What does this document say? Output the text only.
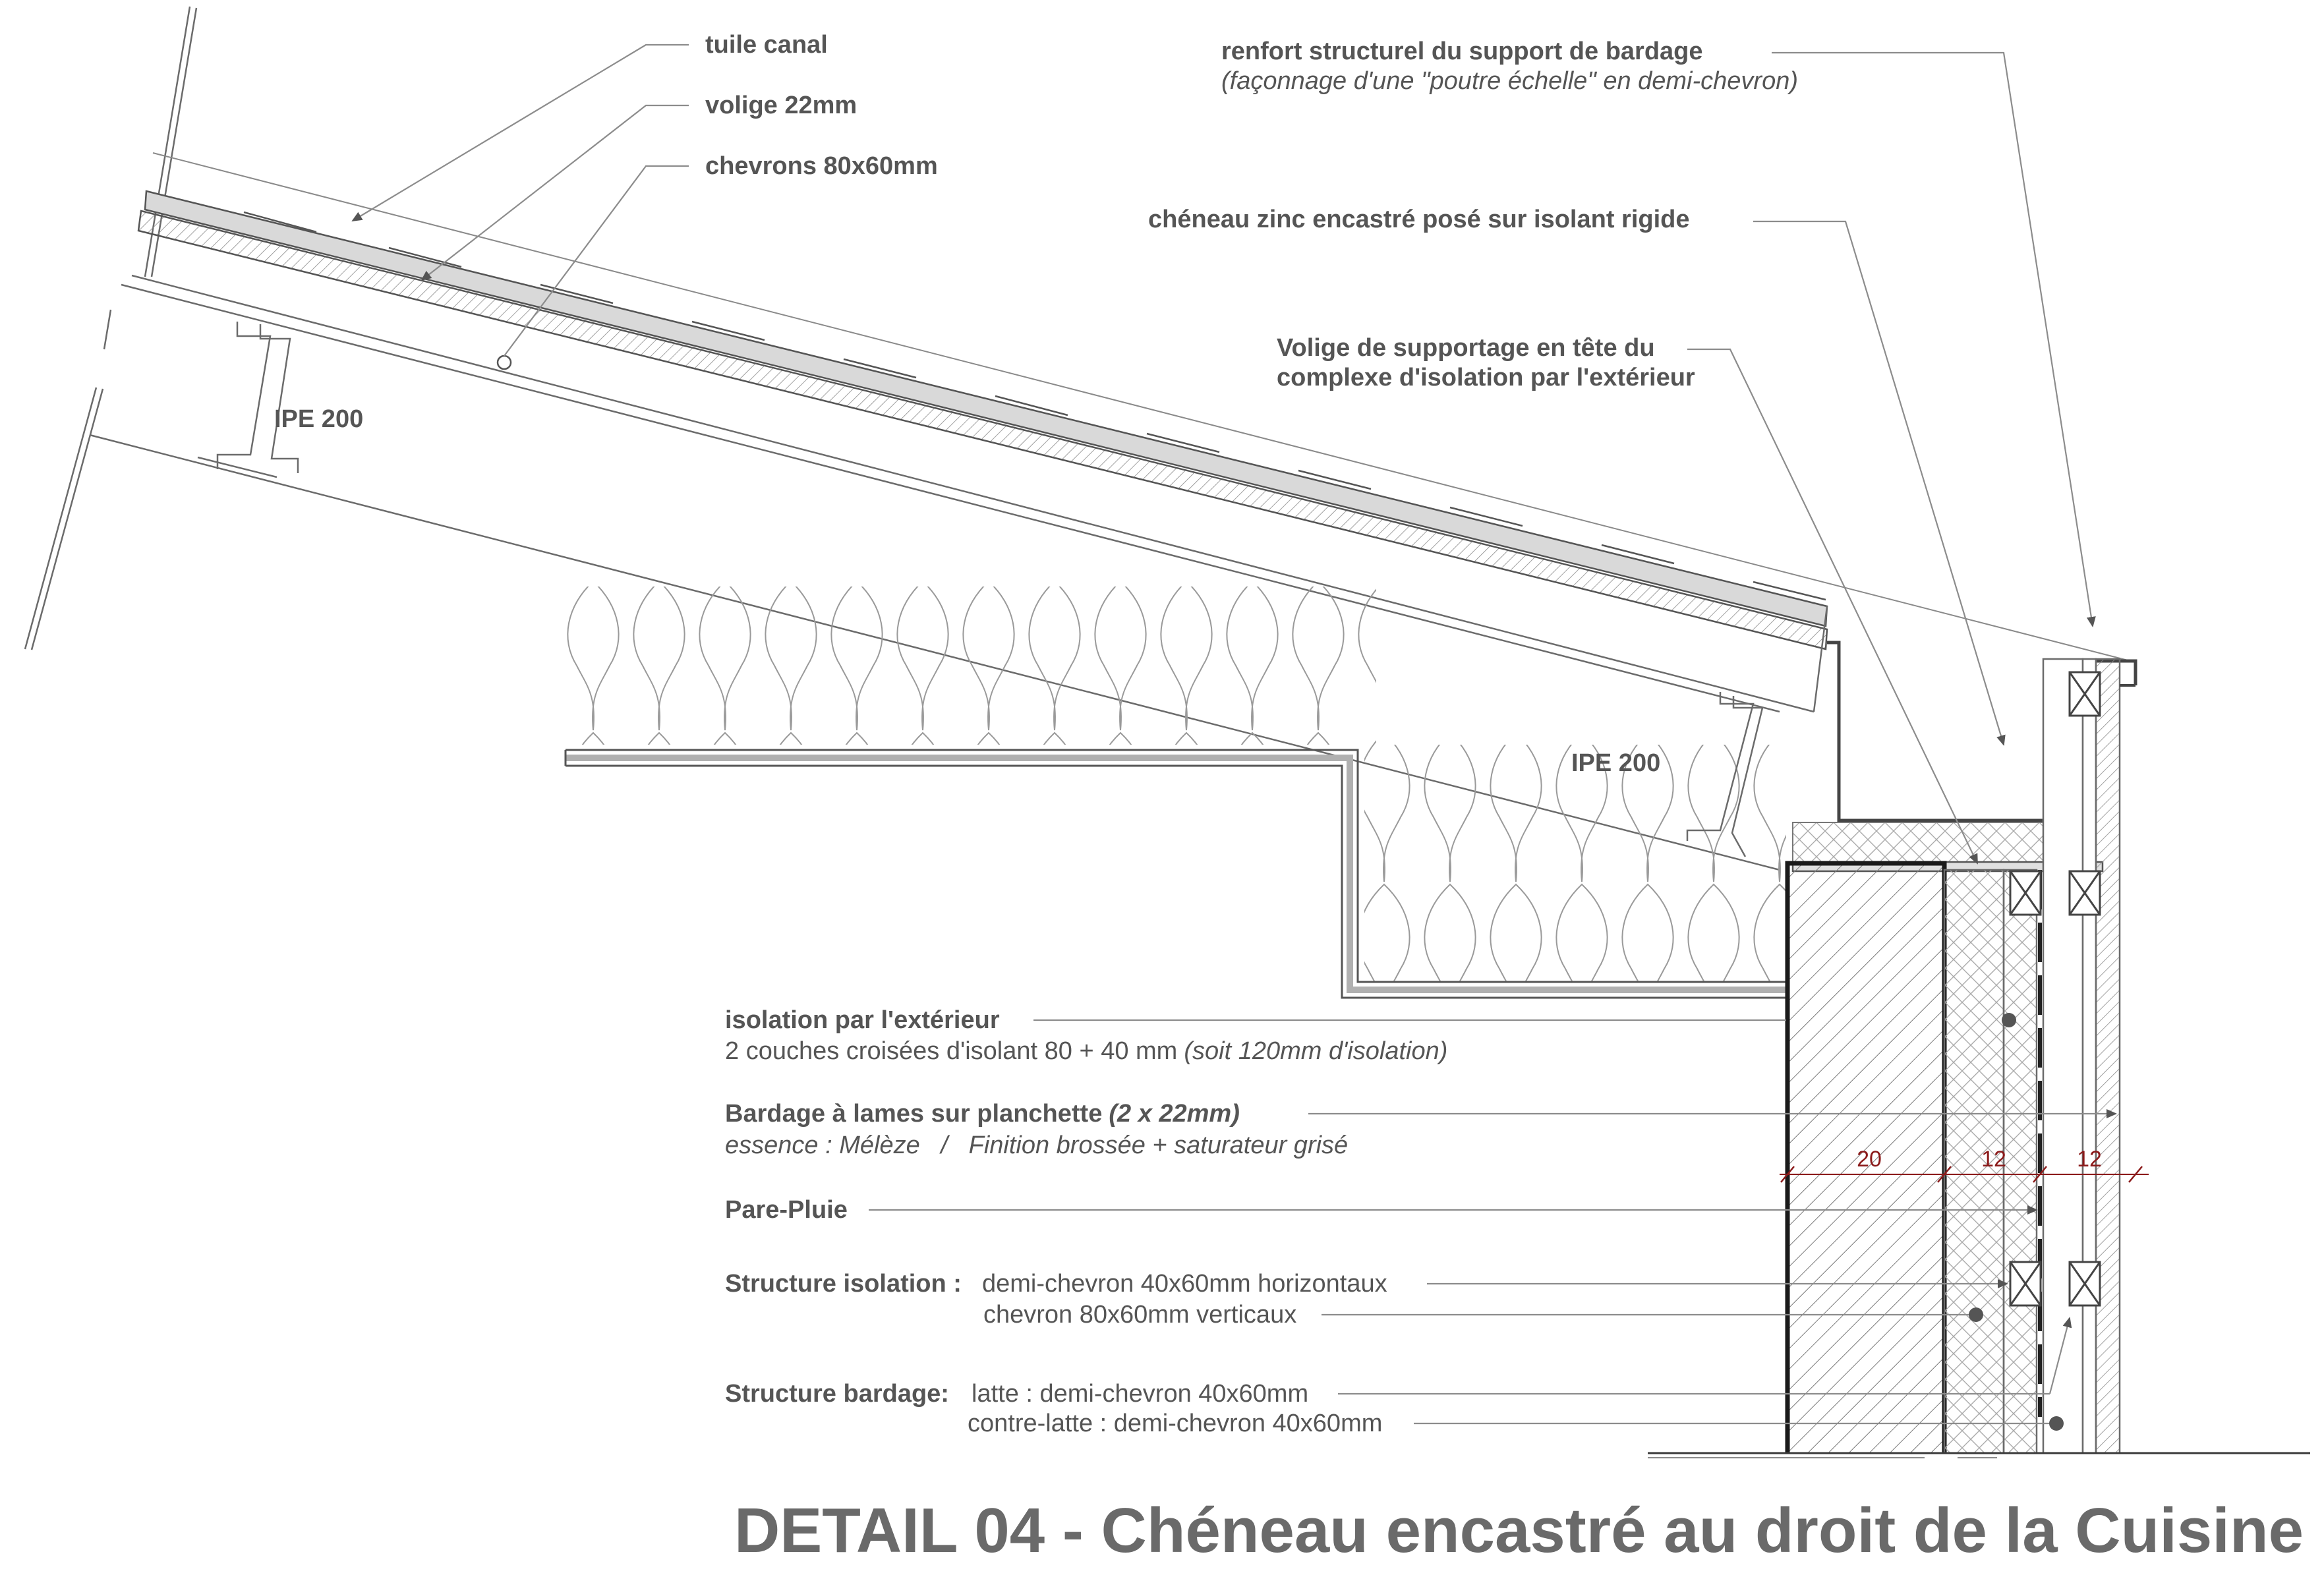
20	12	12
tuile canal
volige 22mm
chevrons 80x60mm
IPE 200
IPE 200
renfort structurel du support de bardage
(façonnage d'une "poutre échelle" en demi-chevron)
chéneau zinc encastré posé sur isolant rigide
Volige de supportage en tête du
complexe d'isolation par l'extérieur
isolation par l'extérieur
2 couches croisées d'isolant 80 + 40 mm (soit 120mm d'isolation)
Bardage à lames sur planchette (2 x 22mm)
essence : Mélèze   /   Finition brossée + saturateur grisé
Pare-Pluie
Structure isolation : demi-chevron 40x60mm horizontaux
chevron 80x60mm verticaux
Structure bardage: latte : demi-chevron 40x60mm
contre-latte : demi-chevron 40x60mm
DETAIL 04 - Chéneau encastré au droit de la Cuisine
